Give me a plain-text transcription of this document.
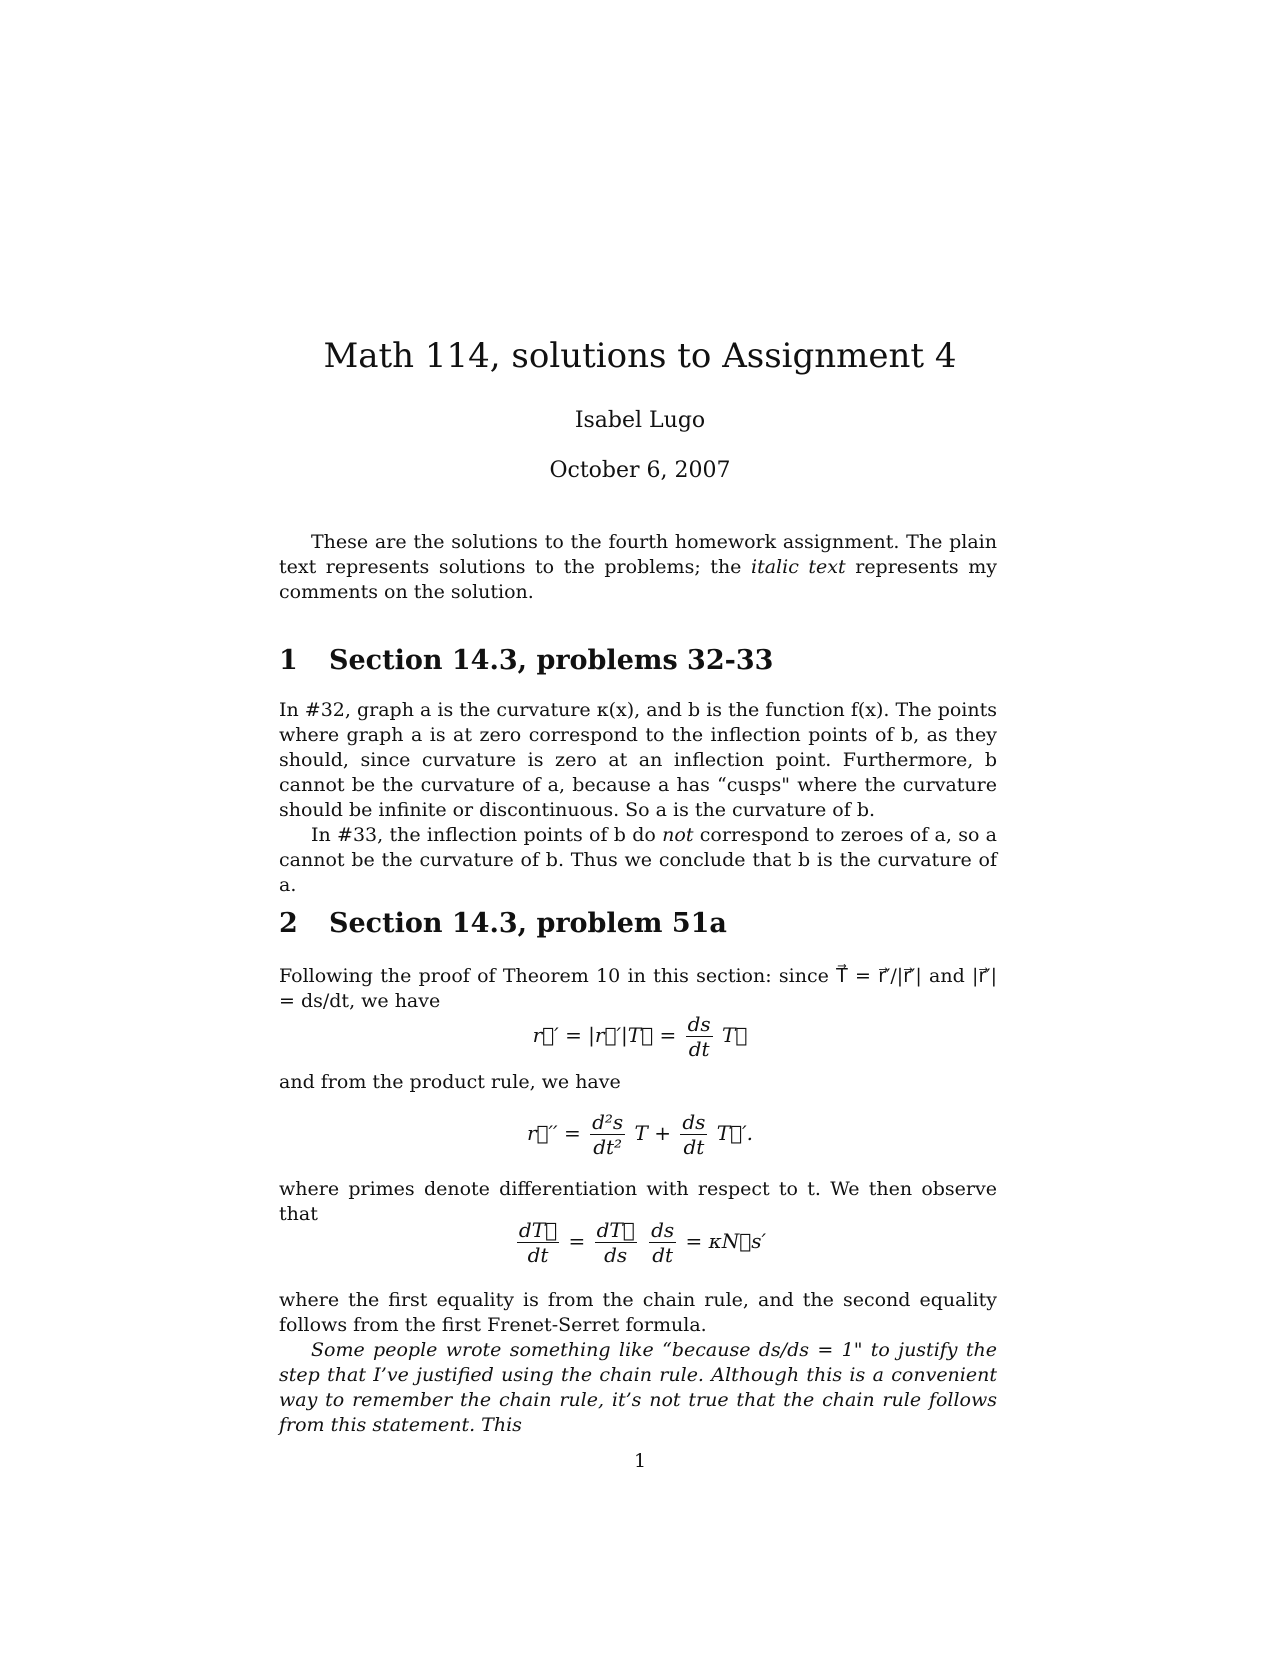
Math 114, solutions to Assignment 4
Isabel Lugo
October 6, 2007

These are the solutions to the fourth homework assignment. The plain text represents solutions to the problems; the italic text represents my comments on the solution.

1 Section 14.3, problems 32-33

In #32, graph a is the curvature κ(x), and b is the function f(x). The points where graph a is at zero correspond to the inflection points of b, as they should, since curvature is zero at an inflection point. Furthermore, b cannot be the curvature of a, because a has “cusps" where the curvature should be infinite or discontinuous. So a is the curvature of b.

In #33, the inflection points of b do not correspond to zeroes of a, so a cannot be the curvature of b. Thus we conclude that b is the curvature of a.

2 Section 14.3, problem 51a

Following the proof of Theorem 10 in this section: since T⃗ = r⃗′/|r⃗′| and |r⃗′| = ds/dt, we have

r⃗′ = |r⃗′|T⃗ = $\frac{ds}{dt}$ T⃗

and from the product rule, we have

r⃗′′ = $\frac{\text{d²s}}{\text{dt²}}$ $T + \frac{ds}{dt}$ T⃗′.

where primes denote differentiation with respect to t. We then observe that

$\frac{dT⃗}{dt} = \frac{dT⃗}{ds}$
$\frac{ds}{dt}$ = κN⃗s′

where the first equality is from the chain rule, and the second equality follows from the first Frenet-Serret formula.

Some people wrote something like “because ds/ds = 1" to justify the step that I’ve justified using the chain rule. Although this is a convenient way to remember the chain rule, it’s not true that the chain rule follows from this statement. This

1
